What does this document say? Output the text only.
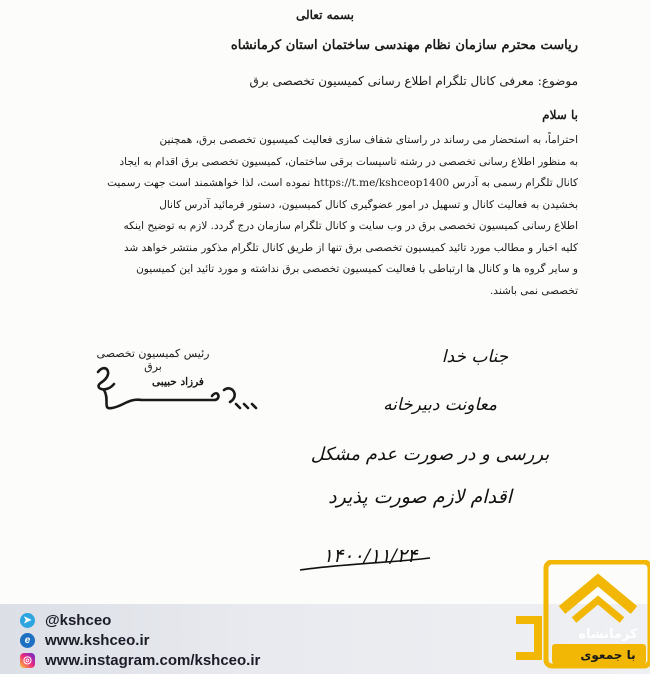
بسمه تعالی
ریاست محترم سازمان نظام مهندسی ساختمان استان کرمانشاه
موضوع: معرفی کانال تلگرام اطلاع رسانی کمیسیون تخصصی برق
با سلام
احتراماً، به استحضار می رساند در راستای شفاف سازی فعالیت کمیسیون تخصصی برق، همچنین
به منظور اطلاع رسانی تخصصی در رشته تاسیسات برقی ساختمان، کمیسیون تخصصی برق اقدام به ایجاد
کانال تلگرام رسمی به آدرس https://t.me/kshceop1400 نموده است، لذا خواهشمند است جهت رسمیت
بخشیدن به فعالیت کانال و تسهیل در امور عضوگیری کانال کمیسیون، دستور فرمائید آدرس کانال
اطلاع رسانی کمیسیون تخصصی برق در وب سایت و کانال تلگرام سازمان درج گردد. لازم به توضیح اینکه
کلیه اخبار و مطالب مورد تائید کمیسیون تخصصی برق تنها از طریق کانال تلگرام مذکور منتشر خواهد شد
و سایر گروه ها و کانال ها ارتباطی با فعالیت کمیسیون تخصصی برق نداشته و مورد تائید این کمیسیون
تخصصی نمی باشند.
رئیس کمیسیون تخصصی برق
فرزاد حبیبی
جناب خدا
معاونت دبیرخانه
بررسی و در صورت عدم مشکل
اقدام لازم صورت پذیرد
۱۴۰۰/۱۱/۲۴
➤ @kshceo
e www.kshceo.ir
◎ www.instagram.com/kshceo.ir
کرمانشاه
با جمعوی
